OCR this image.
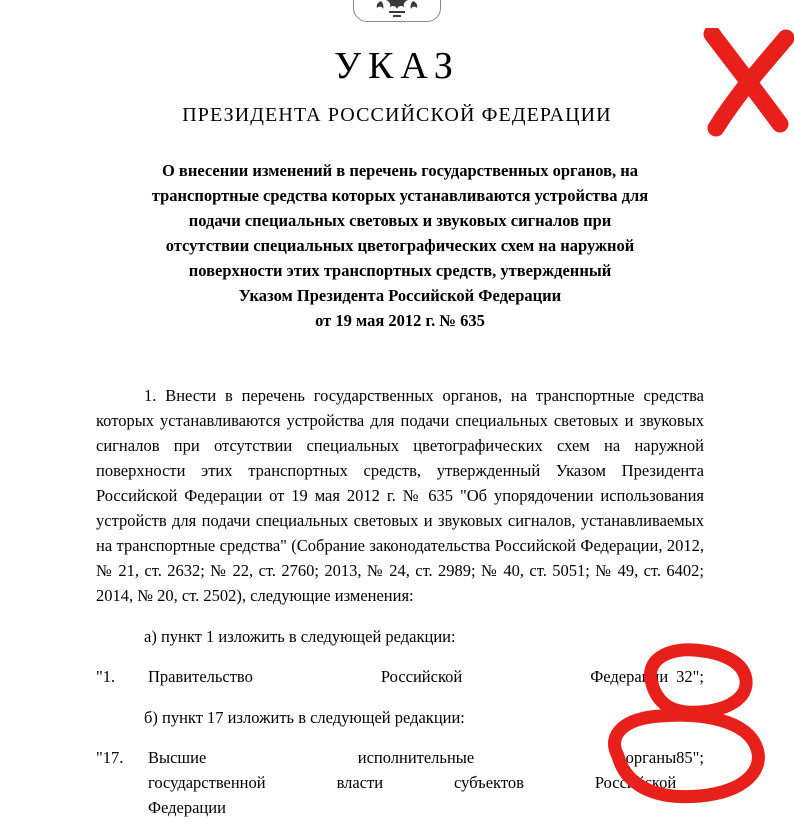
УКАЗ
ПРЕЗИДЕНТА РОССИЙСКОЙ ФЕДЕРАЦИИ
О внесении изменений в перечень государственных органов, на
транспортные средства которых устанавливаются устройства для
подачи специальных световых и звуковых сигналов при
отсутствии специальных цветографических схем на наружной
поверхности этих транспортных средств, утвержденный
Указом Президента Российской Федерации
от 19 мая 2012 г. № 635

1. Внести в перечень государственных органов, на транспортные средства которых устанавливаются устройства для подачи специальных световых и звуковых сигналов при отсутствии специальных цветографических схем на наружной поверхности этих транспортных средств, утвержденный Указом Президента Российской Федерации от 19 мая 2012 г. № 635 "Об упорядочении использования устройств для подачи специальных световых и звуковых сигналов, устанавливаемых на транспортные средства" (Собрание законодательства Российской Федерации, 2012, № 21, ст. 2632; № 22, ст. 2760; 2013, № 24, ст. 2989; № 40, ст. 5051; № 49, ст. 6402; 2014, № 20, ст. 2502), следующие изменения:

а) пункт 1 изложить в следующей редакции:
"1.	Правительство Российской Федерации 32";
б) пункт 17 изложить в следующей редакции:
"17.	Высшие исполнительные органы
государственной власти субъектов Российской
Федерации
85";
